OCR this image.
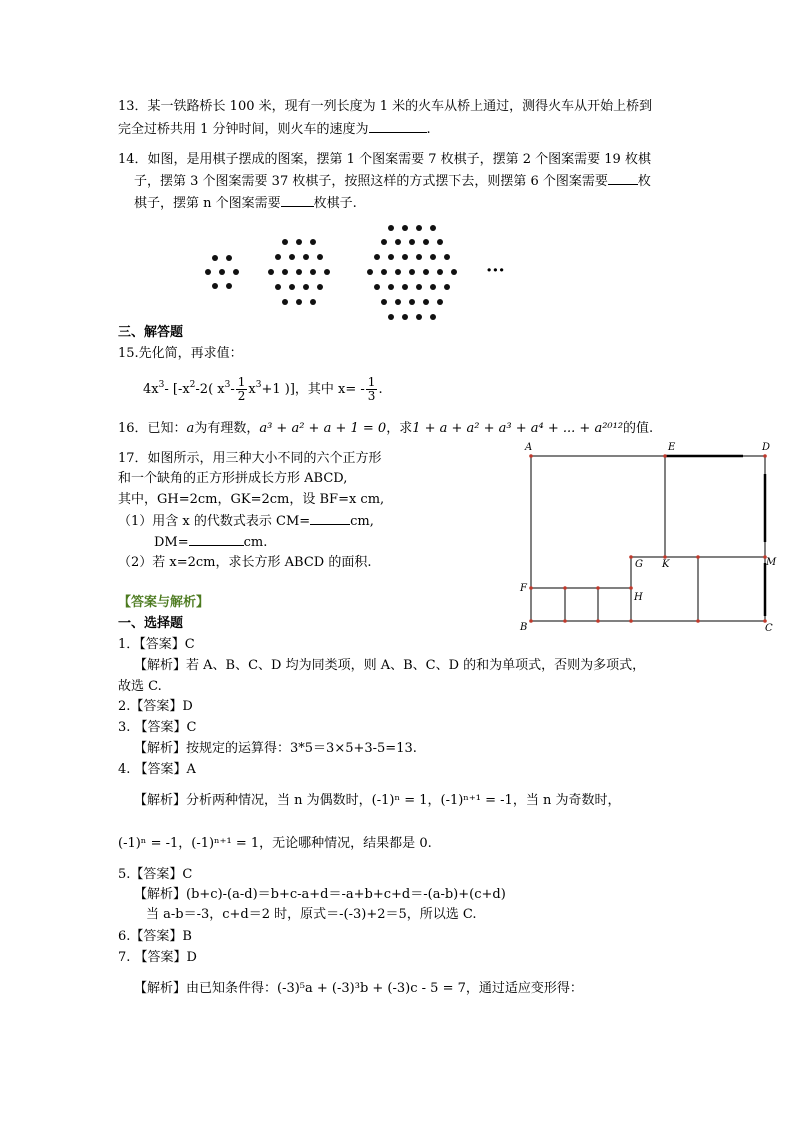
13．某一铁路桥长 100 米，现有一列长度为 1 米的火车从桥上通过，测得火车从开始上桥到
完全过桥共用 1 分钟时间，则火车的速度为	.
14．如图，是用棋子摆成的图案，摆第 1 个图案需要 7 枚棋子，摆第 2 个图案需要 19 枚棋
子，摆第 3 个图案需要 37 枚棋子，按照这样的方式摆下去，则摆第 6 个图案需要 枚
棋子，摆第 n 个图案需要	枚棋子.
···
三、解答题
15.先化简，再求值：
$4x^3-$ [$-x^2-2$( $x^3- \frac{1}{2} x^3+1$ )]，其中 $x= - \frac{1}{3}$ .
16．已知：a为有理数，a³ + a² + a + 1 = 0，求1 + a + a² + a³ + a⁴ + ... + a²⁰¹²的值.
17．如图所示，用三种大小不同的六个正方形
和一个缺角的正方形拼成长方形 ABCD,
其中，GH=2cm，GK=2cm，设 BF=x cm,
（1）用含 x 的代数式表示 CM=	cm,
DM=	cm.
（2）若 x=2cm，求长方形 ABCD 的面积.
A	E	D
G K	M
F
H
B	C
【答案与解析】
一、选择题
1．【答案】C
【解析】若 A、B、C、D 均为同类项，则 A、B、C、D 的和为单项式，否则为多项式，
故选 C.
2.【答案】D
3. 【答案】C
【解析】按规定的运算得：3*5＝3×5+3-5=13.
4. 【答案】A
【解析】分析两种情况，当 n 为偶数时，(-1)ⁿ = 1，(-1)ⁿ⁺¹ = -1，当 n 为奇数时，
(-1)ⁿ = -1，(-1)ⁿ⁺¹ = 1，无论哪种情况，结果都是 0.
5.【答案】C
【解析】(b+c)-(a-d)＝b+c-a+d＝-a+b+c+d＝-(a-b)+(c+d)
当 a-b＝-3，c+d＝2 时，原式＝-(-3)+2＝5，所以选 C.
6.【答案】B
7. 【答案】D
【解析】由已知条件得：(-3)⁵a + (-3)³b + (-3)c - 5 = 7，通过适应变形得：
